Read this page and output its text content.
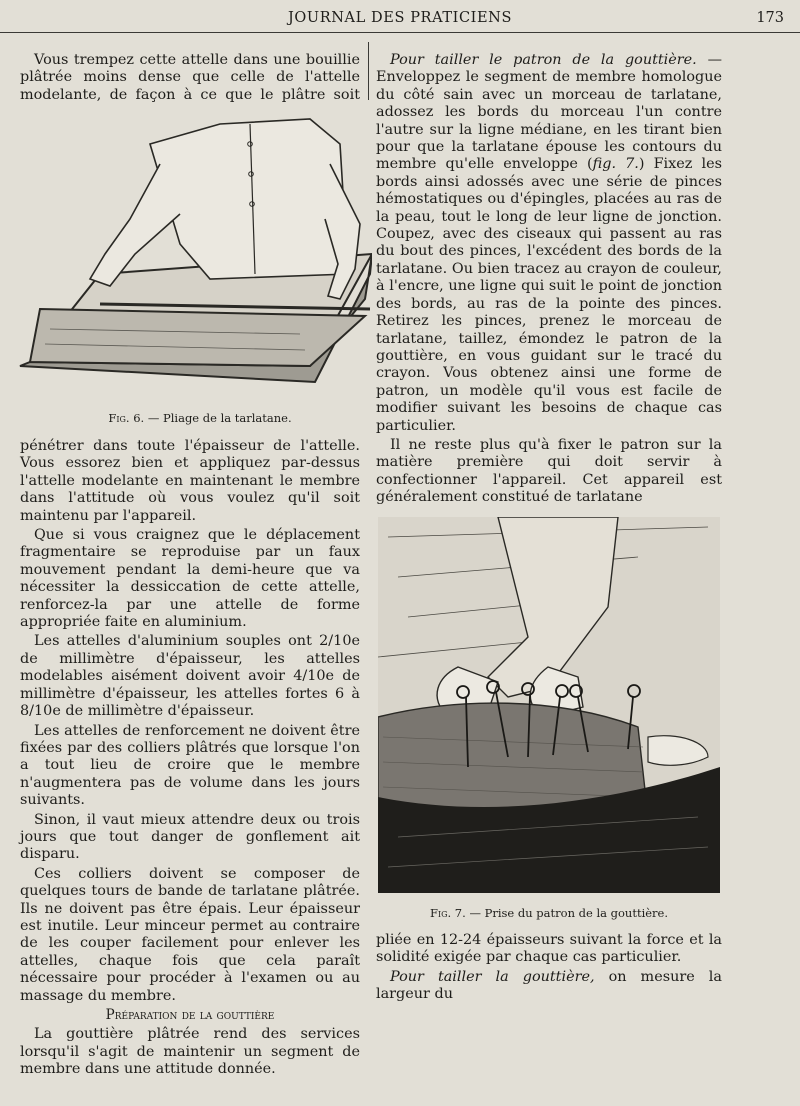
JOURNAL DES PRATICIENS	173

Vous trempez cette attelle dans une bouillie plâtrée moins dense que celle de l'attelle modelante, de façon à ce que le plâtre soit

Fig. 6. — Pliage de la tarlatane.

pénétrer dans toute l'épaisseur de l'attelle. Vous essorez bien et appliquez par-dessus l'attelle modelante en maintenant le membre dans l'attitude où vous voulez qu'il soit maintenu par l'appareil.

Que si vous craignez que le déplacement fragmentaire se reproduise par un faux mouvement pendant la demi-heure que va nécessiter la dessiccation de cette attelle, renforcez-la par une attelle de forme appropriée faite en aluminium.

Les attelles d'aluminium souples ont 2/10e de millimètre d'épaisseur, les attelles modelables aisément doivent avoir 4/10e de millimètre d'épaisseur, les attelles fortes 6 à 8/10e de millimètre d'épaisseur.

Les attelles de renforcement ne doivent être fixées par des colliers plâtrés que lorsque l'on a tout lieu de croire que le membre n'augmentera pas de volume dans les jours suivants.

Sinon, il vaut mieux attendre deux ou trois jours que tout danger de gonflement ait disparu.

Ces colliers doivent se composer de quelques tours de bande de tarlatane plâtrée. Ils ne doivent pas être épais. Leur épaisseur est inutile. Leur minceur permet au contraire de les couper facilement pour enlever les attelles, chaque fois que cela paraît nécessaire pour procéder à l'examen ou au massage du membre.

Préparation de la gouttière

La gouttière plâtrée rend des services lorsqu'il s'agit de maintenir un segment de membre dans une attitude donnée.

Pour tailler le patron de la gouttière. — Enveloppez le segment de membre homologue du côté sain avec un morceau de tarlatane, adossez les bords du morceau l'un contre l'autre sur la ligne médiane, en les tirant bien pour que la tarlatane épouse les contours du membre qu'elle enveloppe (fig. 7.) Fixez les bords ainsi adossés avec une série de pinces hémostatiques ou d'épingles, placées au ras de la peau, tout le long de leur ligne de jonction. Coupez, avec des ciseaux qui passent au ras du bout des pinces, l'excédent des bords de la tarlatane. Ou bien tracez au crayon de couleur, à l'encre, une ligne qui suit le point de jonction des bords, au ras de la pointe des pinces. Retirez les pinces, prenez le morceau de tarlatane, taillez, émondez le patron de la gouttière, en vous guidant sur le tracé du crayon. Vous obtenez ainsi une forme de patron, un modèle qu'il vous est facile de modifier suivant les besoins de chaque cas particulier.

Il ne reste plus qu'à fixer le patron sur la matière première qui doit servir à confectionner l'appareil. Cet appareil est généralement constitué de tarlatane

Fig. 7. — Prise du patron de la gouttière.

pliée en 12-24 épaisseurs suivant la force et la solidité exigée par chaque cas particulier.

Pour tailler la gouttière, on mesure la largeur du
